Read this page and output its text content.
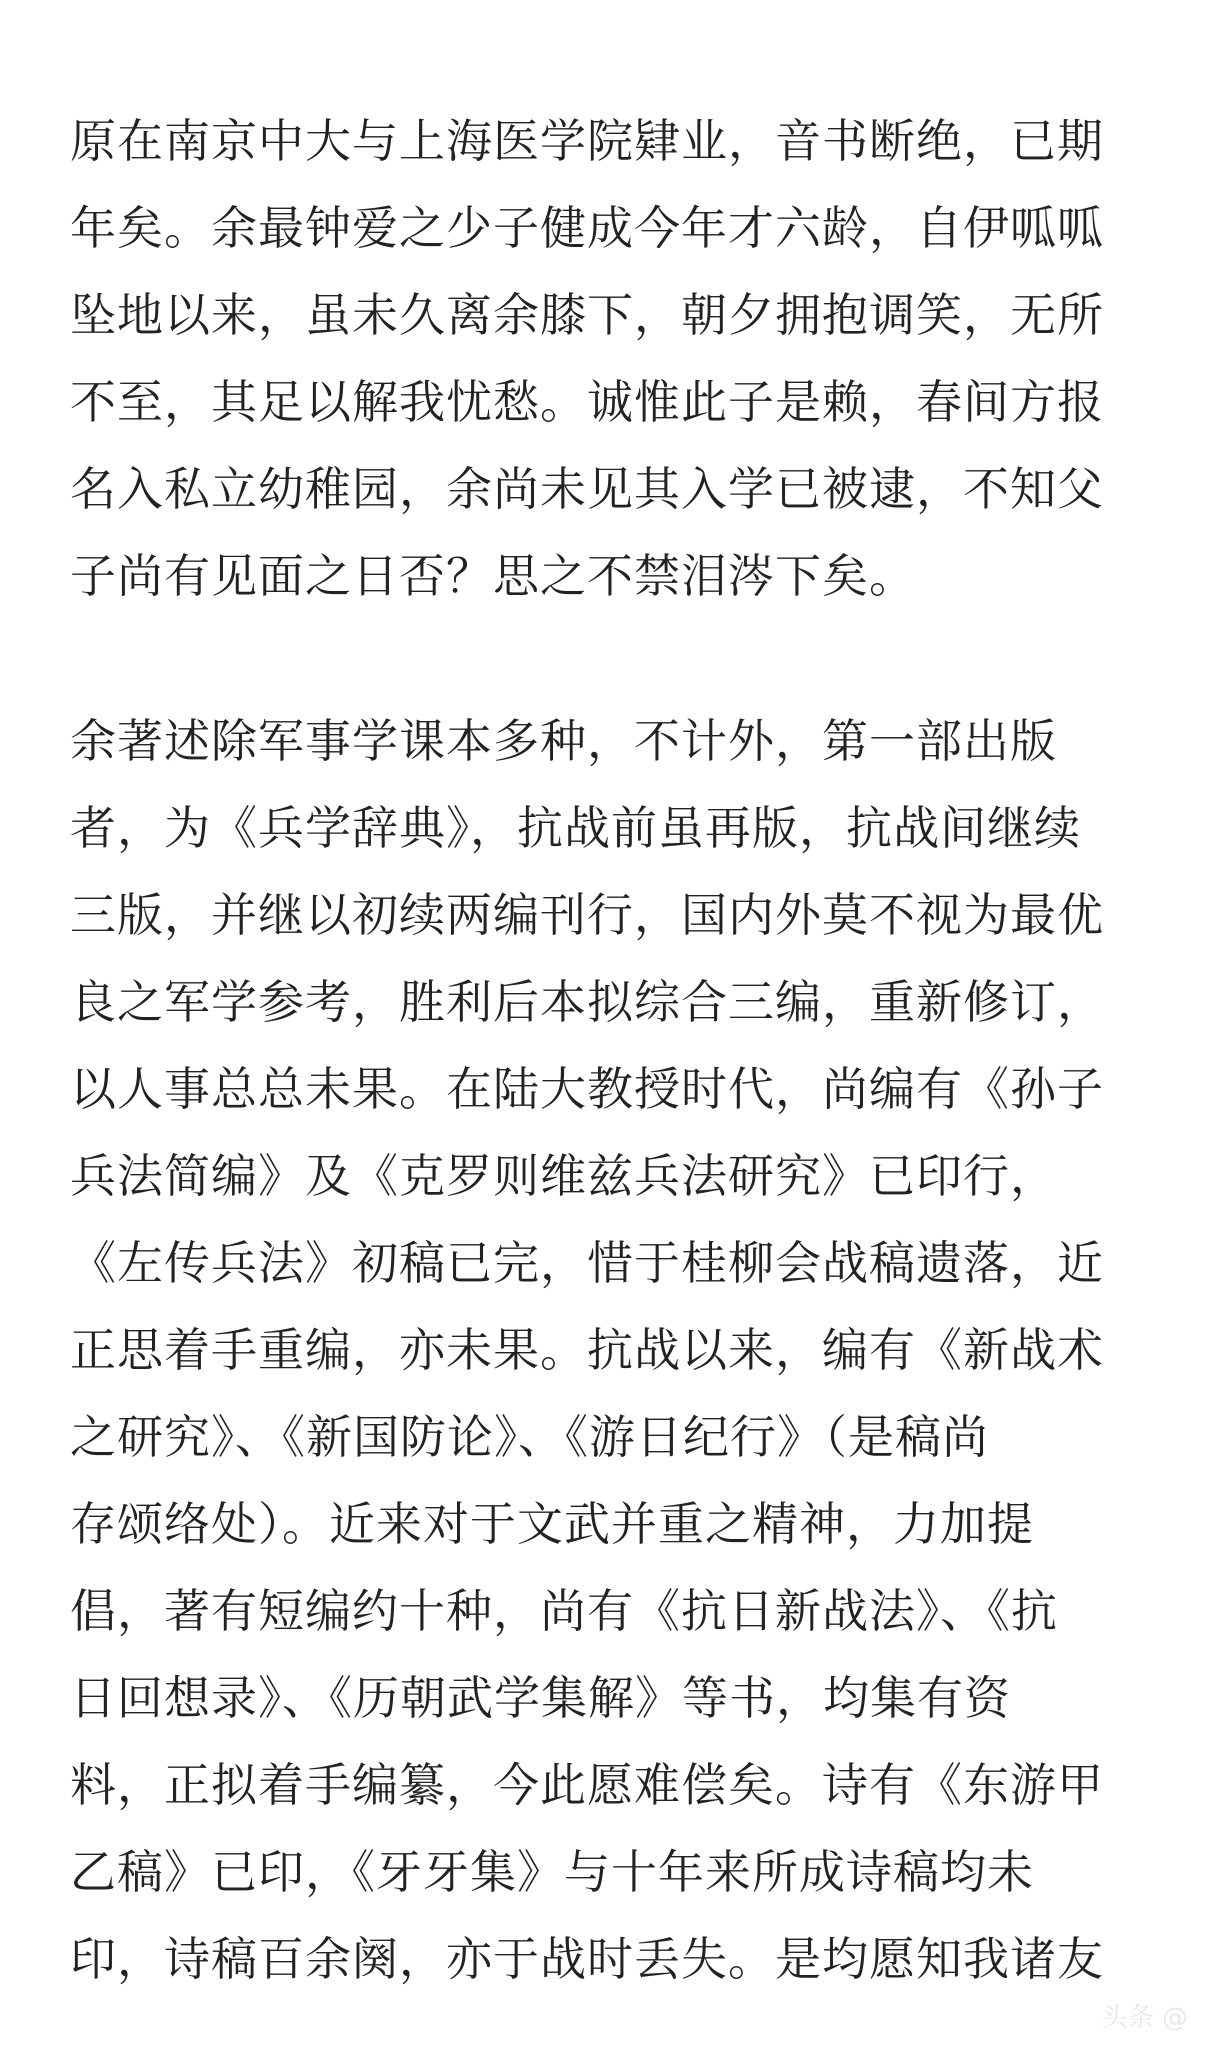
原在南京中大与上海医学院肄业，音书断绝，已期
年矣。余最钟爱之少子健成今年才六龄，自伊呱呱
坠地以来，虽未久离余膝下，朝夕拥抱调笑，无所
不至，其足以解我忧愁。诚惟此子是赖，春间方报
名入私立幼稚园，余尚未见其入学已被逮，不知父
子尚有见面之日否？思之不禁泪涔下矣。

余著述除军事学课本多种，不计外，第一部出版
者，为《兵学辞典》，抗战前虽再版，抗战间继续
三版，并继以初续两编刊行，国内外莫不视为最优
良之军学参考，胜利后本拟综合三编，重新修订，
以人事总总未果。在陆大教授时代，尚编有《孙子
兵法简编》及《克罗则维兹兵法研究》已印行，
《左传兵法》初稿已完，惜于桂柳会战稿遗落，近
正思着手重编，亦未果。抗战以来，编有《新战术
之研究》、《新国防论》、《游日纪行》（是稿尚
存颂络处）。近来对于文武并重之精神，力加提
倡，著有短编约十种，尚有《抗日新战法》、《抗
日回想录》、《历朝武学集解》等书，均集有资
料，正拟着手编纂，今此愿难偿矣。诗有《东游甲
乙稿》已印，《牙牙集》与十年来所成诗稿均未
印，诗稿百余阕，亦于战时丢失。是均愿知我诸友

头条 @
